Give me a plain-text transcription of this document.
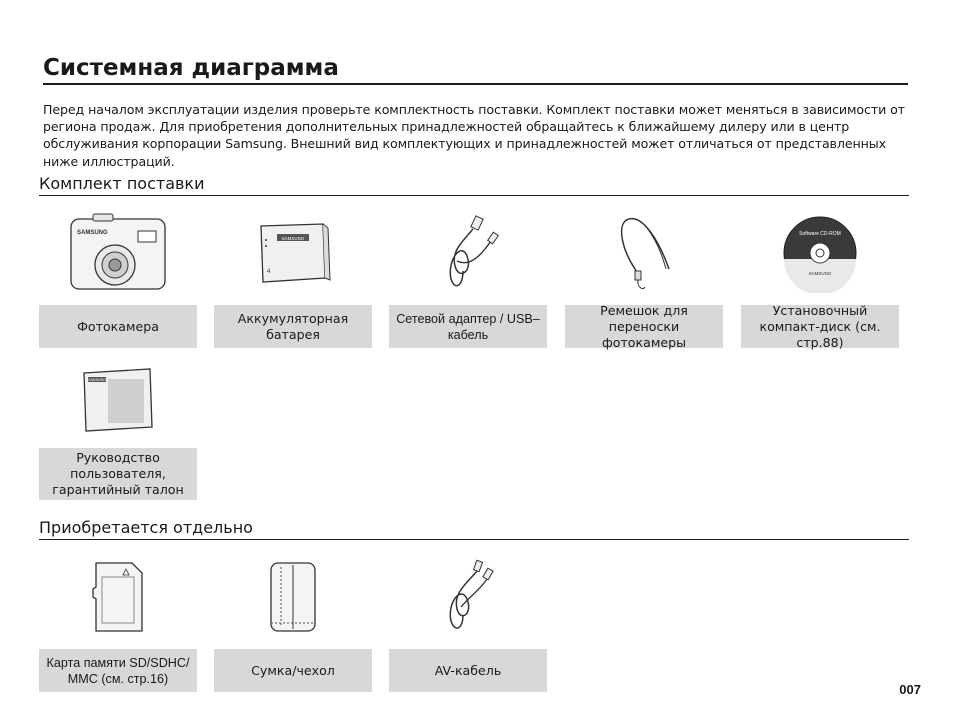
Системная диаграмма
Перед началом эксплуатации изделия проверьте комплектность поставки. Комплект поставки может меняться в зависимости от региона продаж. Для приобретения дополнительных принадлежностей обращайтесь к ближайшему дилеру или в центр обслуживания корпорации Samsung. Внешний вид комплектующих и принадлежностей может отличаться от представленных ниже иллюстраций.
Комплект поставки
SAMSUNG
Фотокамера
SAMSUNG
4
Аккумуляторная батарея
Сетевой адаптер / USB–кабель
Ремешок для переноски фотокамеры
Software CD-ROM
SAMSUNG
Установочный компакт-диск (см. стр.88)
SAMSUNG
Руководство пользователя, гарантийный талон
Приобретается отдельно
Карта памяти SD/SDHC/ MMC (см. стр.16)
Сумка/чехол	AV-кабель
007
